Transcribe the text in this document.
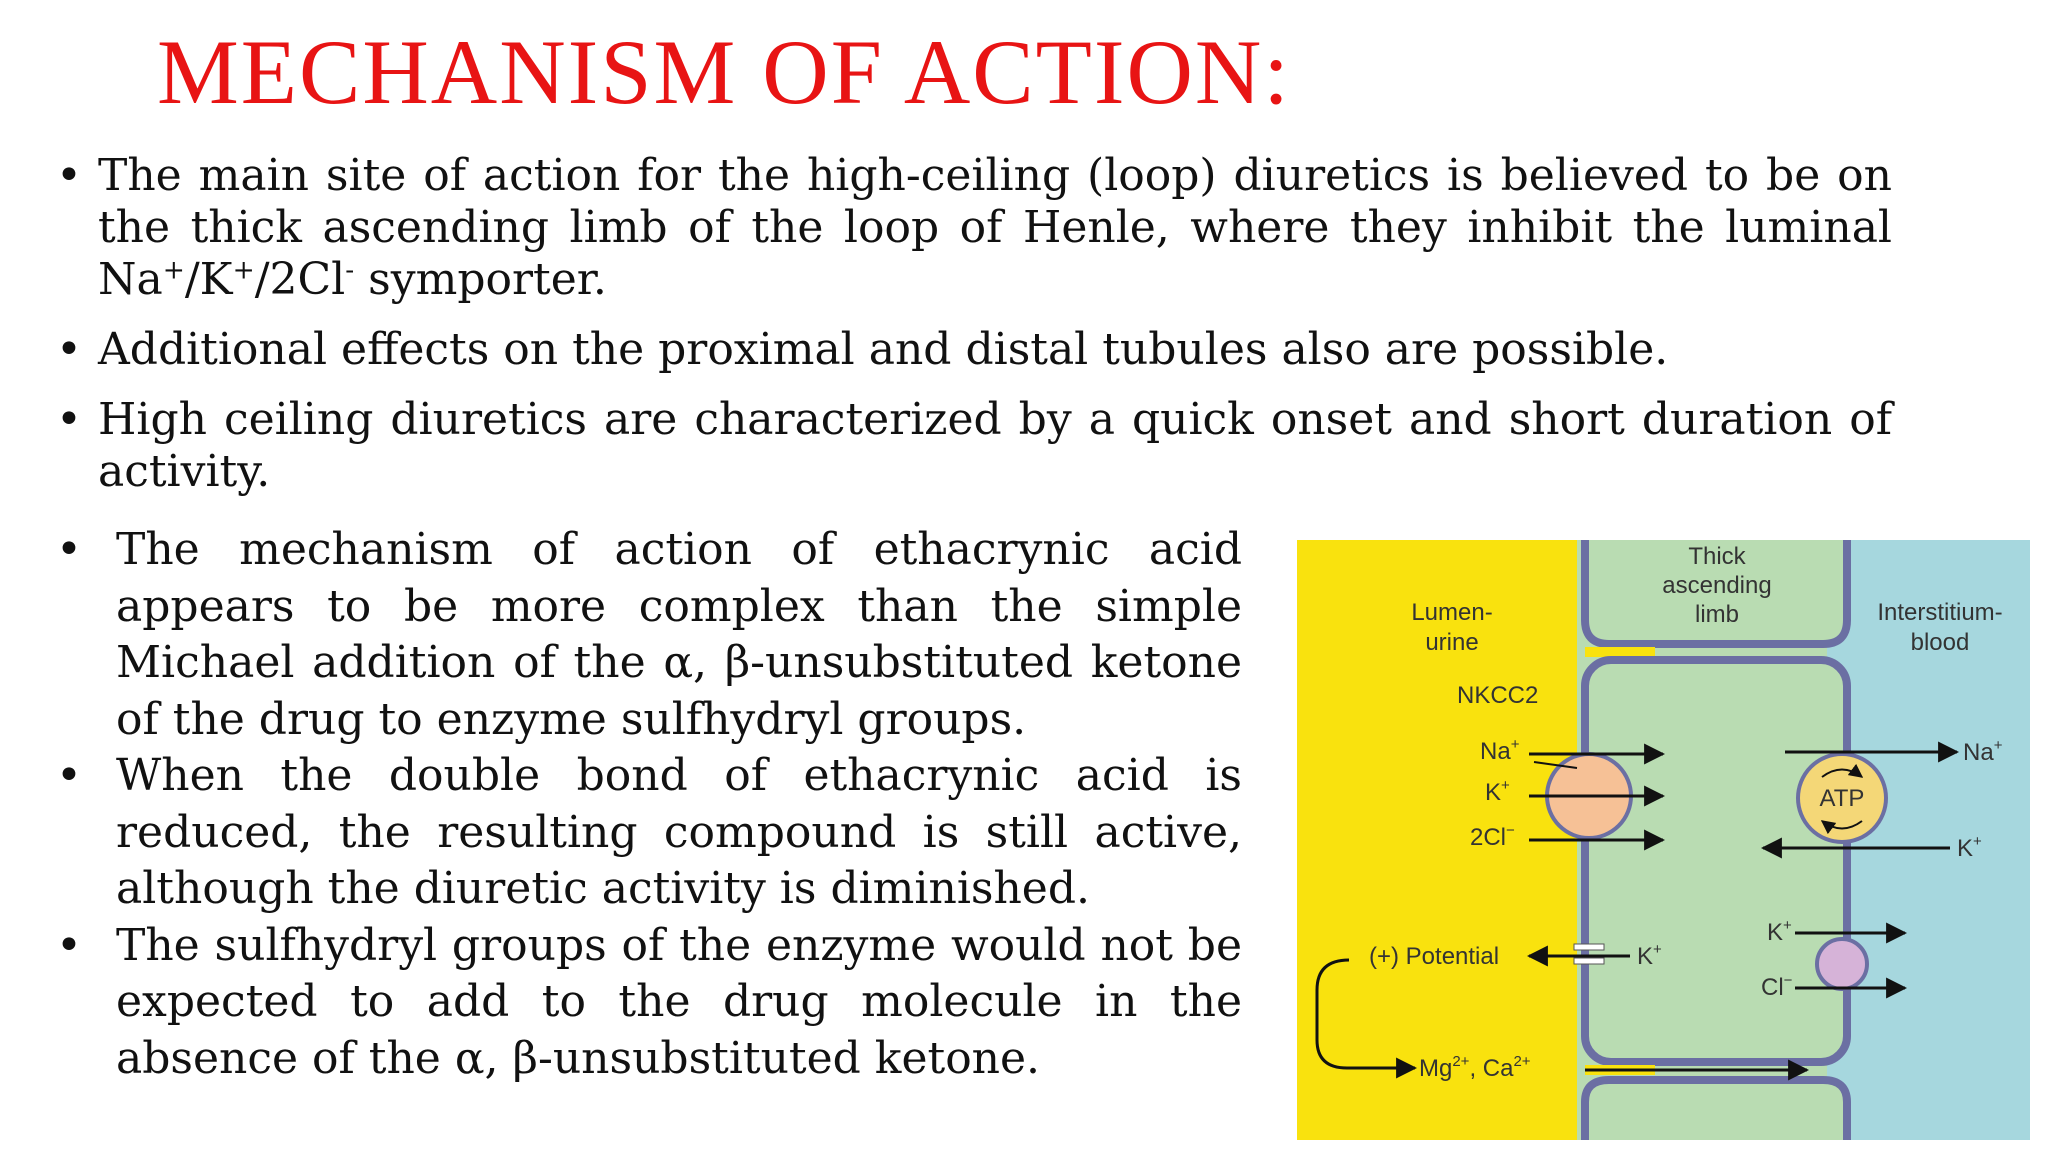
MECHANISM OF ACTION:
• The main site of action for the high-ceiling (loop) diuretics is believed to be on the thick ascending limb of the loop of Henle, where they inhibit the luminal Na+/K+/2Cl- symporter.
• Additional effects on the proximal and distal tubules also are possible.
• High ceiling diuretics are characterized by a quick onset and short duration of activity.
• The mechanism of action of ethacrynic acid appears to be more complex than the simple Michael addition of the α, β-unsubstituted ketone of the drug to enzyme sulfhydryl groups.
• When the double bond of ethacrynic acid is reduced, the resulting compound is still active, although the diuretic activity is diminished.
• The sulfhydryl groups of the enzyme would not be expected to add to the drug molecule in the absence of the α, β-unsubstituted ketone.
Thick
ascending
limb
Lumen-
urine
Interstitium-
blood
NKCC2
Na+
K+
2Cl−
ATP
Na+
K+
K+
(+) Potential
K+
Cl−
$Mg^{2+}$, $Ca^{2+}$
